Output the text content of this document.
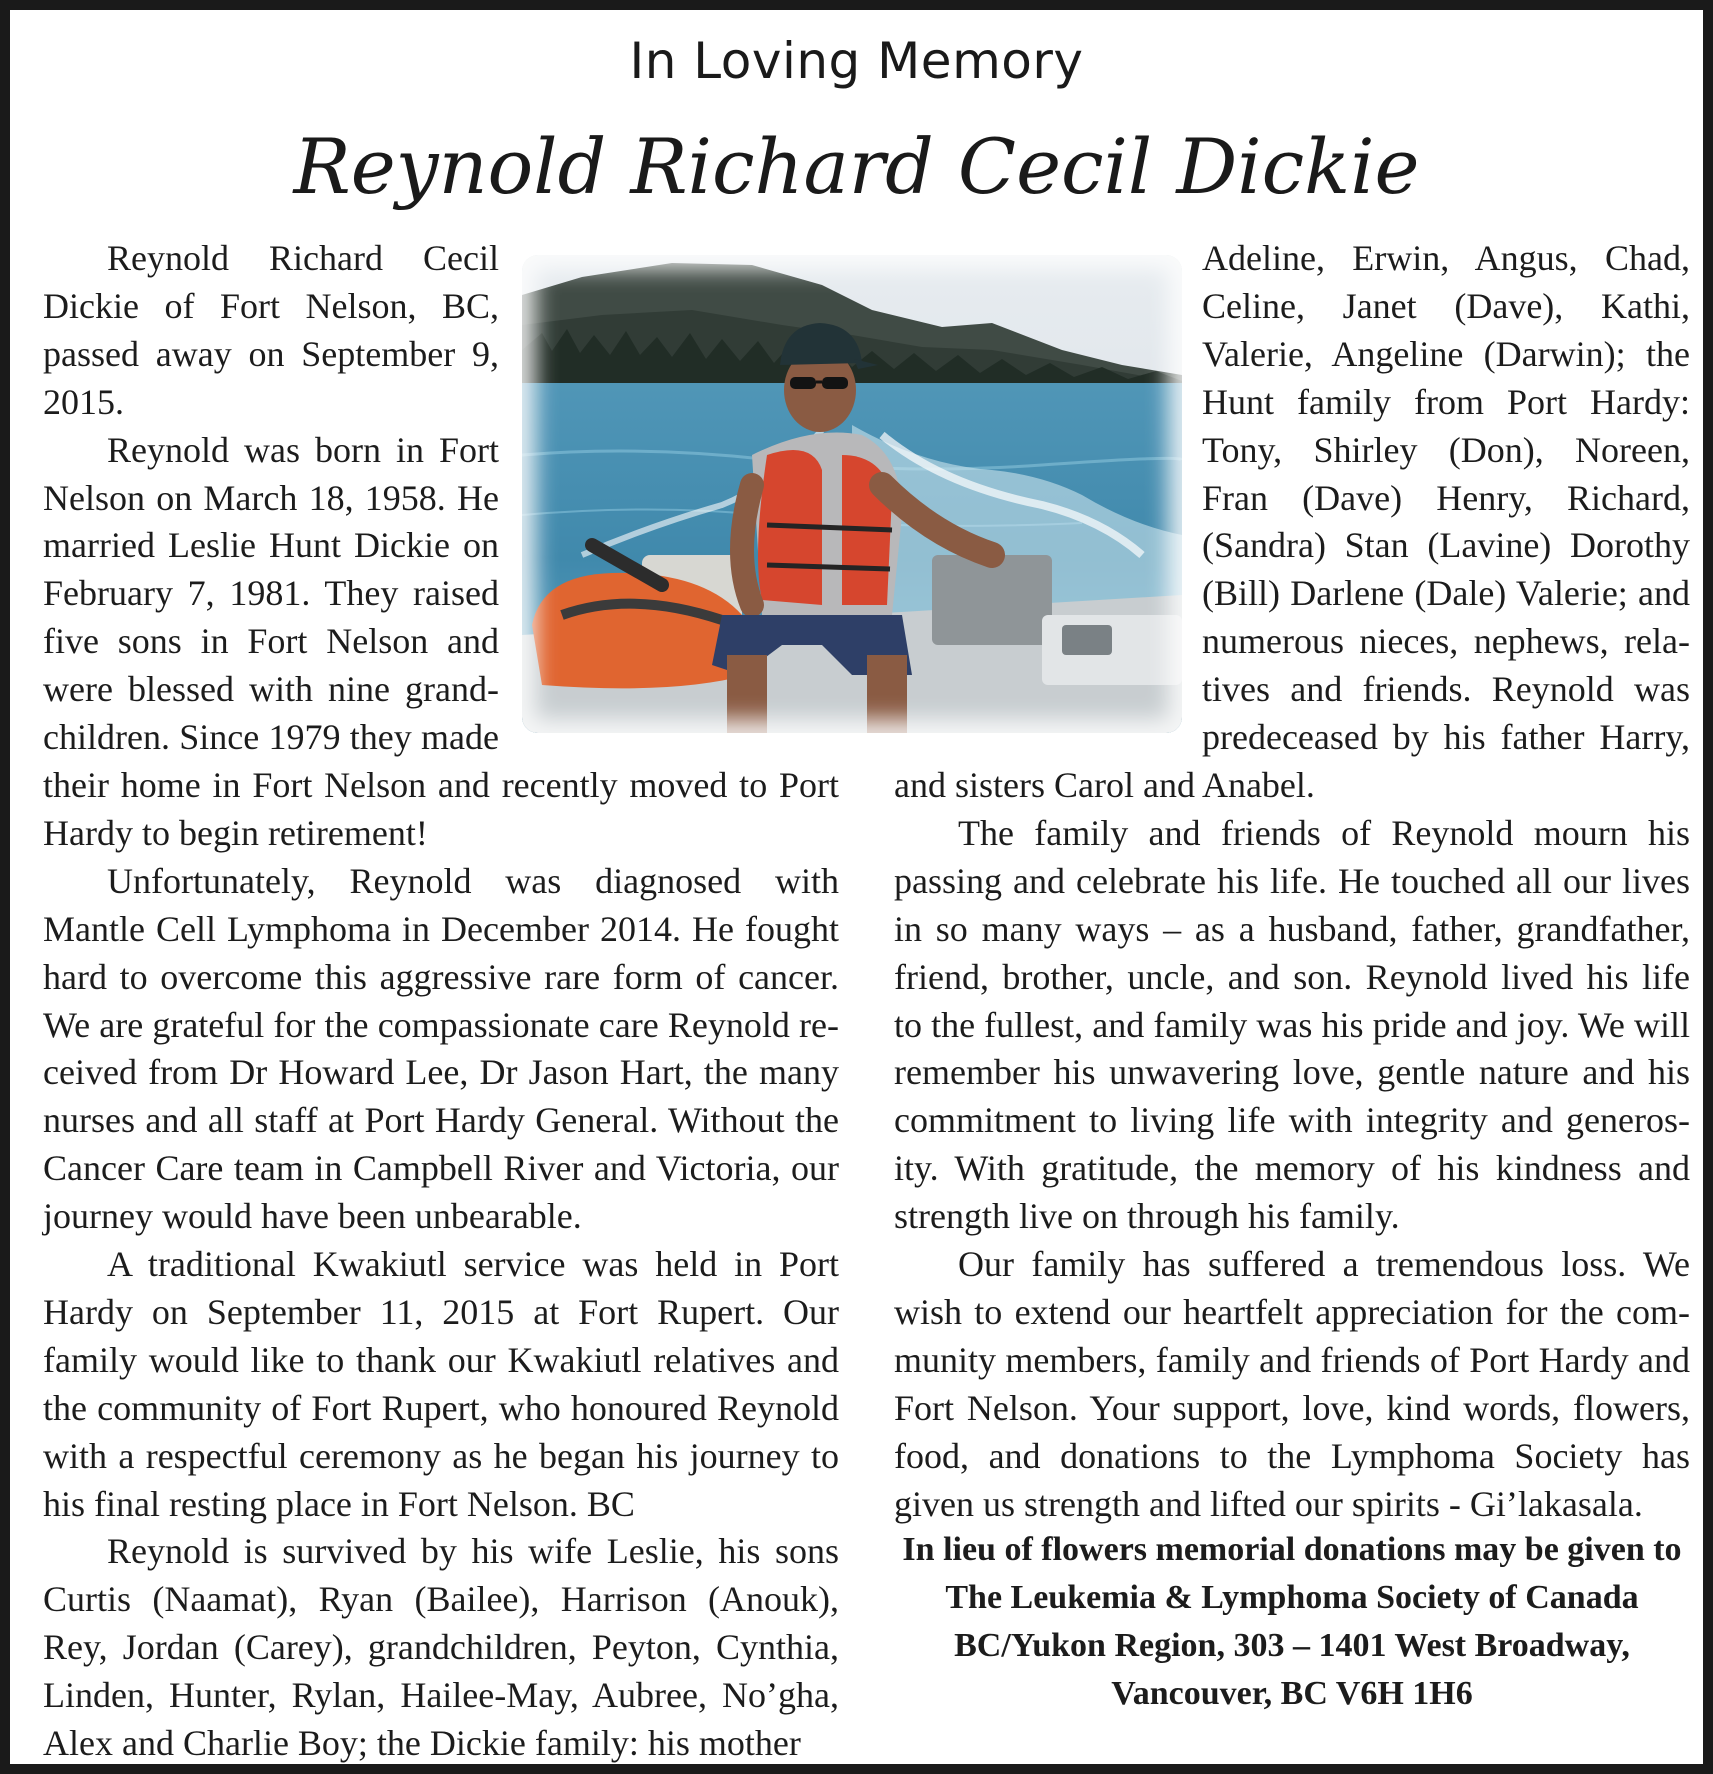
In Loving Memory
Reynold Richard Cecil Dickie

Reynold Richard Cecil Dickie of Fort Nelson, BC, passed away on September 9, 2015.

Reynold was born in Fort Nelson on March 18, 1958. He married Leslie Hunt Dickie on February 7, 1981. They raised five sons in Fort Nelson and were blessed with nine grandchildren. Since 1979 they made their home in Fort Nelson and recently moved to Port Hardy to begin retirement!

Unfortunately, Reynold was diagnosed with Mantle Cell Lymphoma in December 2014. He fought hard to overcome this aggressive rare form of cancer. We are grateful for the compassionate care Reynold received from Dr Howard Lee, Dr Jason Hart, the many nurses and all staff at Port Hardy General. Without the Cancer Care team in Campbell River and Victoria, our journey would have been unbearable.

A traditional Kwakiutl service was held in Port Hardy on September 11, 2015 at Fort Rupert. Our family would like to thank our Kwakiutl relatives and the community of Fort Rupert, who honoured Reynold with a respectful ceremony as he began his journey to his final resting place in Fort Nelson. BC

Reynold is survived by his wife Leslie, his sons Curtis (Naamat), Ryan (Bailee), Harrison (Anouk), Rey, Jordan (Carey), grandchildren, Peyton, Cynthia, Linden, Hunter, Rylan, Hailee-May, Aubree, No’gha, Alex and Charlie Boy; the Dickie family: his mother

Adeline, Erwin, Angus, Chad, Celine, Janet (Dave), Kathi, Valerie, Angeline (Darwin); the Hunt family from Port Hardy: Tony, Shirley (Don), Noreen, Fran (Dave) Henry, Richard, (Sandra) Stan (Lavine) Dorothy (Bill) Darlene (Dale) Valerie; and numerous nieces, nephews, relatives and friends. Reynold was predeceased by his father Harry, and sisters Carol and Anabel.

The family and friends of Reynold mourn his passing and celebrate his life. He touched all our lives in so many ways – as a husband, father, grandfather, friend, brother, uncle, and son. Reynold lived his life to the fullest, and family was his pride and joy. We will remember his unwavering love, gentle nature and his commitment to living life with integrity and generosity. With gratitude, the memory of his kindness and strength live on through his family.

Our family has suffered a tremendous loss. We wish to extend our heartfelt appreciation for the community members, family and friends of Port Hardy and Fort Nelson. Your support, love, kind words, flowers, food, and donations to the Lymphoma Society has given us strength and lifted our spirits - Gi’lakasala.

In lieu of flowers memorial donations may be given to The Leukemia & Lymphoma Society of Canada BC/Yukon Region, 303 – 1401 West Broadway, Vancouver, BC V6H 1H6
